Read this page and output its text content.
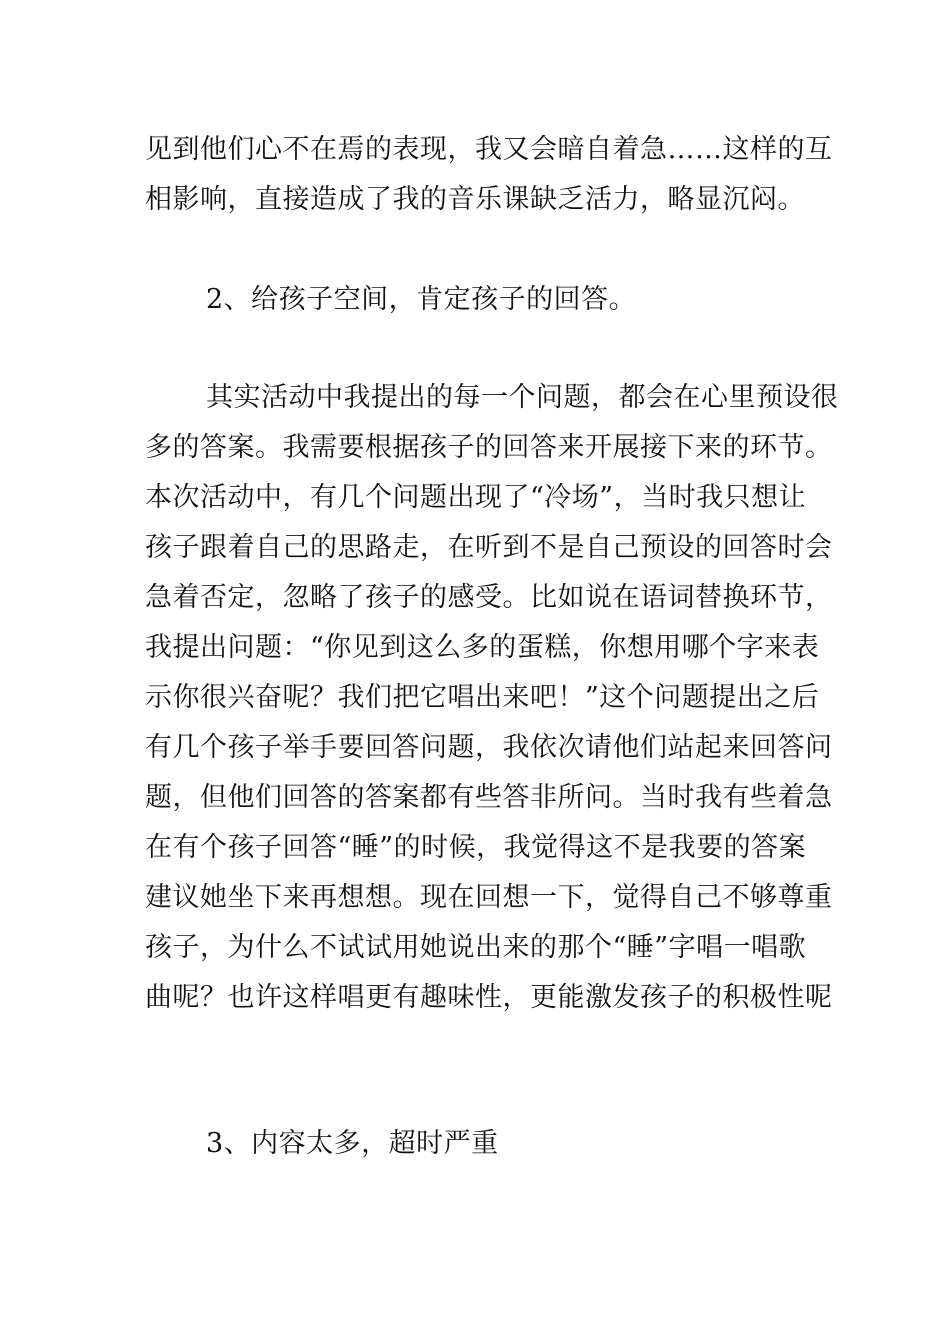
见到他们心不在焉的表现，我又会暗自着急……这样的互
相影响，直接造成了我的音乐课缺乏活力，略显沉闷。
2、给孩子空间，肯定孩子的回答。
其实活动中我提出的每一个问题，都会在心里预设很
多的答案。我需要根据孩子的回答来开展接下来的环节。
本次活动中，有几个问题出现了“冷场”，当时我只想让
孩子跟着自己的思路走，在听到不是自己预设的回答时会
急着否定，忽略了孩子的感受。比如说在语词替换环节，
我提出问题：“你见到这么多的蛋糕，你想用哪个字来表
示你很兴奋呢？我们把它唱出来吧！”这个问题提出之后
有几个孩子举手要回答问题，我依次请他们站起来回答问
题，但他们回答的答案都有些答非所问。当时我有些着急
在有个孩子回答“睡”的时候，我觉得这不是我要的答案
建议她坐下来再想想。现在回想一下，觉得自己不够尊重
孩子，为什么不试试用她说出来的那个“睡”字唱一唱歌
曲呢？也许这样唱更有趣味性，更能激发孩子的积极性呢
3、内容太多，超时严重
